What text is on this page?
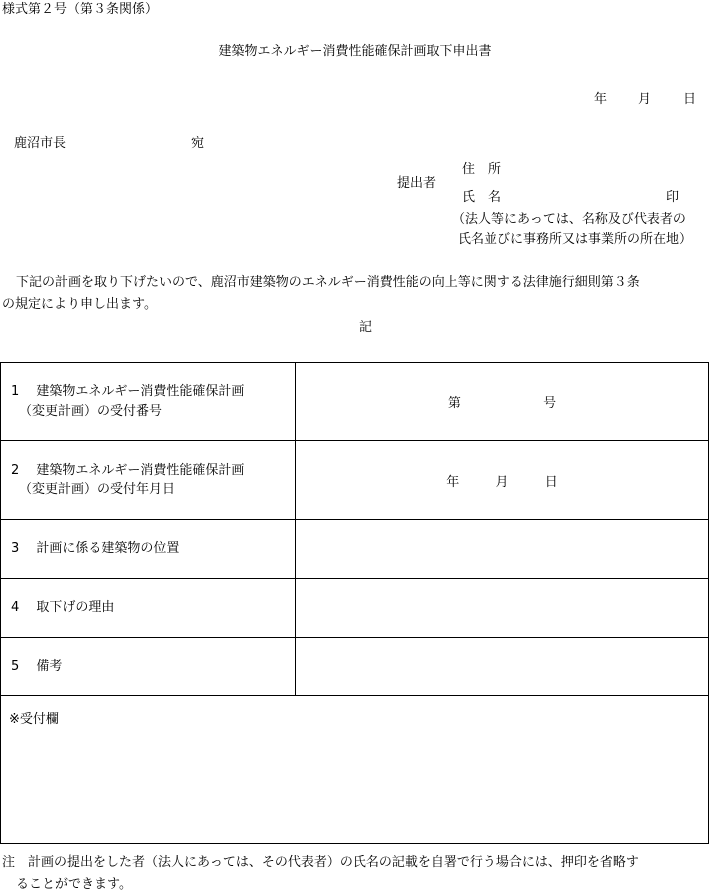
様式第２号（第３条関係）
建築物エネルギー消費性能確保計画取下申出書
年 月 日
鹿沼市長	宛
提出者
住　所
氏　名	印
（法人等にあっては、名称及び代表者の
氏名並びに事務所又は事業所の所在地）
下記の計画を取り下げたいので、鹿沼市建築物のエネルギー消費性能の向上等に関する法律施行細則第３条
の規定により申し出ます。
記
1　 建築物エネルギー消費性能確保計画
（変更計画）の受付番号	第 号
2　 建築物エネルギー消費性能確保計画
（変更計画）の受付年月日	年 月 日
3　 計画に係る建築物の位置	
4　 取下げの理由	
5　 備考	
※受付欄	
注　計画の提出をした者（法人にあっては、その代表者）の氏名の記載を自署で行う場合には、押印を省略す
ることができます。
